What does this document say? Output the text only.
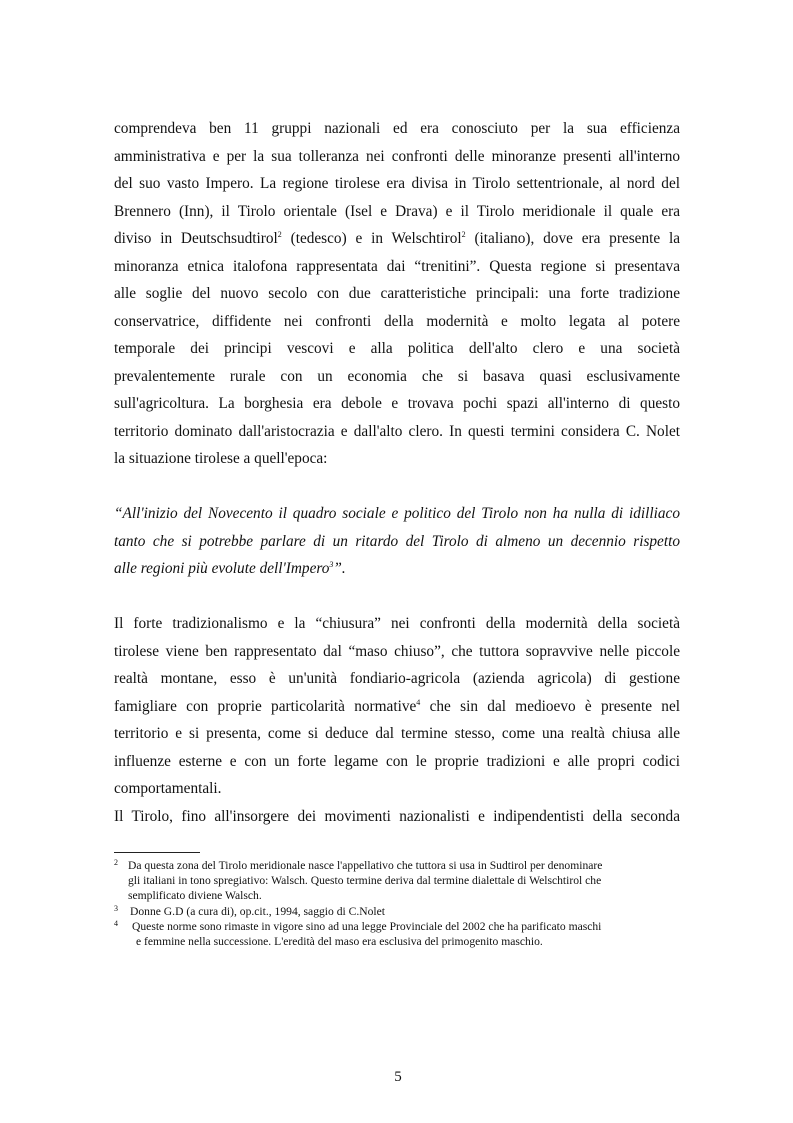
comprendeva ben 11 gruppi nazionali ed era conosciuto per la sua efficienza
amministrativa e per la sua tolleranza nei confronti delle minoranze presenti all'interno
del suo vasto Impero. La regione tirolese era divisa in Tirolo settentrionale, al nord del
Brennero (Inn), il Tirolo orientale (Isel e Drava) e il Tirolo meridionale il quale era
diviso in Deutschsudtirol$^2$ (tedesco) e in Welschtirol$^2$ (italiano), dove era presente la
minoranza etnica italofona rappresentata dai “trenitini”. Questa regione si presentava
alle soglie del nuovo secolo con due caratteristiche principali: una forte tradizione
conservatrice, diffidente nei confronti della modernità e molto legata al potere
temporale dei principi vescovi e alla politica dell'alto clero e una società
prevalentemente rurale con un economia che si basava quasi esclusivamente
sull'agricoltura. La borghesia era debole e trovava pochi spazi all'interno di questo
territorio dominato dall'aristocrazia e dall'alto clero. In questi termini considera C. Nolet
la situazione tirolese a quell'epoca:
“All'inizio del Novecento il quadro sociale e politico del Tirolo non ha nulla di idilliaco
tanto che si potrebbe parlare di un ritardo del Tirolo di almeno un decennio rispetto
alle regioni più evolute dell'Impero$^3$”.
Il forte tradizionalismo e la “chiusura” nei confronti della modernità della società
tirolese viene ben rappresentato dal “maso chiuso”, che tuttora sopravvive nelle piccole
realtà montane, esso è un'unità fondiario-agricola (azienda agricola) di gestione
famigliare con proprie particolarità normative$^4$ che sin dal medioevo è presente nel
territorio e si presenta, come si deduce dal termine stesso, come una realtà chiusa alle
influenze esterne e con un forte legame con le proprie tradizioni e alle propri codici
comportamentali.
Il Tirolo, fino all'insorgere dei movimenti nazionalisti e indipendentisti della seconda
2 Da questa zona del Tirolo meridionale nasce l'appellativo che tuttora si usa in Sudtirol per denominare
gli italiani in tono spregiativo: Walsch. Questo termine deriva dal termine dialettale di Welschtirol che
semplificato diviene Walsch.
3 Donne G.D (a cura di), op.cit., 1994, saggio di C.Nolet
4 Queste norme sono rimaste in vigore sino ad una legge Provinciale del 2002 che ha parificato maschi
e femmine nella successione. L'eredità del maso era esclusiva del primogenito maschio.
5
